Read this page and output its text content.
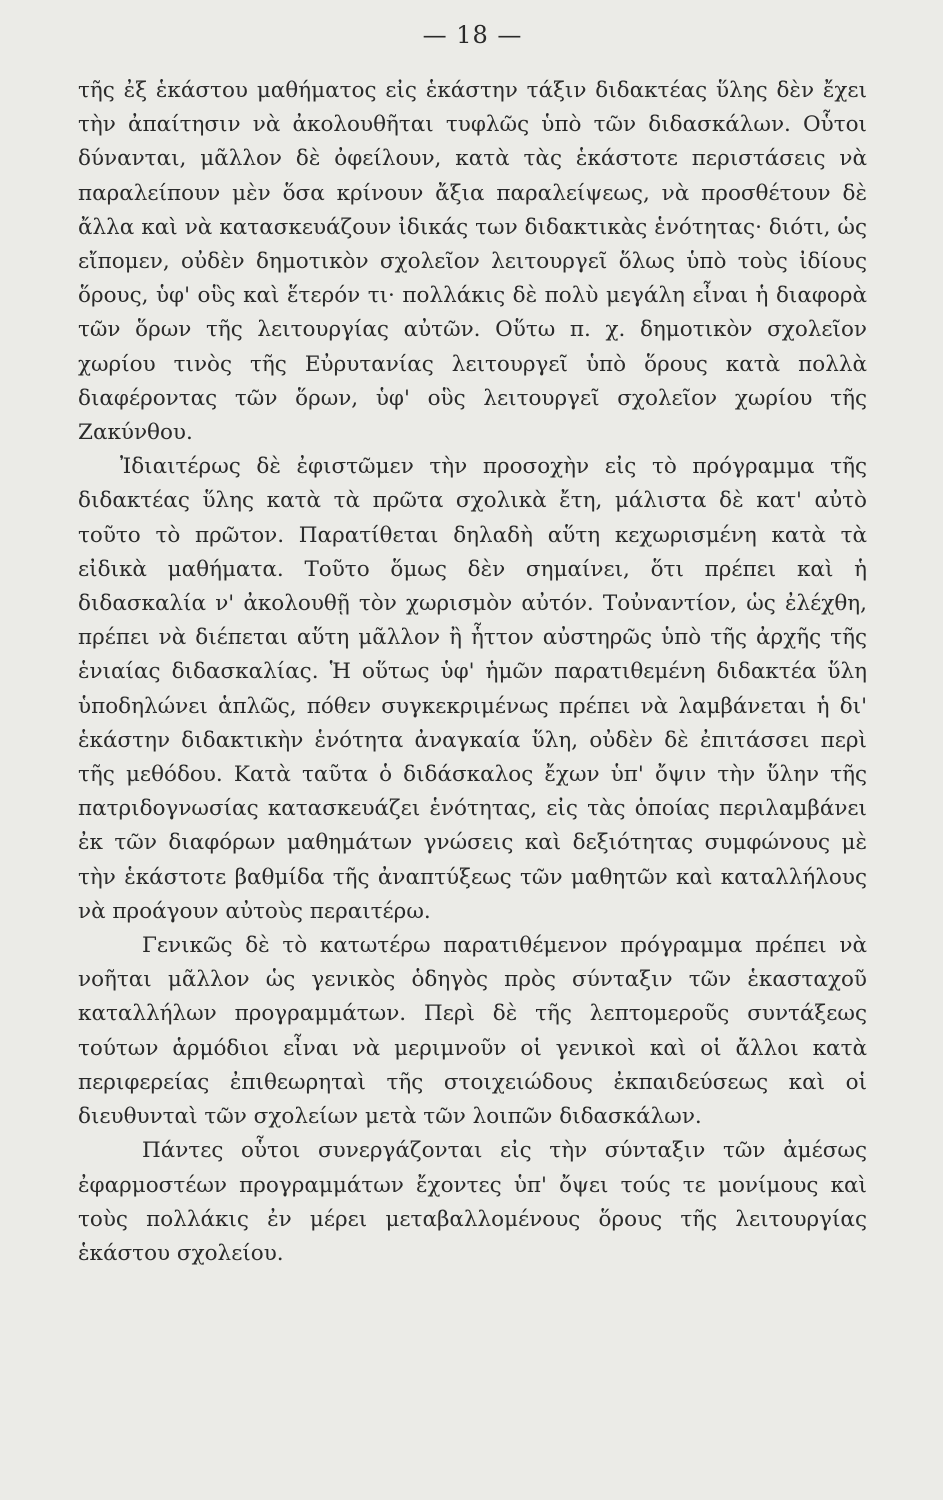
— 18 —

τῆς ἐξ ἑκάστου μαθήματος εἰς ἑκάστην τάξιν διδακτέας ὕλης δὲν ἔχει τὴν ἀπαίτησιν νὰ ἀκολουθῆται τυφλῶς ὑπὸ τῶν διδασκάλων. Οὗτοι δύνανται, μᾶλλον δὲ ὀφείλουν, κατὰ τὰς ἑκάστοτε περιστάσεις νὰ παραλείπουν μὲν ὅσα κρίνουν ἄξια παραλείψεως, νὰ προσθέτουν δὲ ἄλλα καὶ νὰ κατασκευάζουν ἰδικάς των διδακτικὰς ἑνότητας· διότι, ὡς εἴπομεν, οὐδὲν δημοτικὸν σχολεῖον λειτουργεῖ ὅλως ὑπὸ τοὺς ἰδίους ὅρους, ὑφ' οὓς καὶ ἕτερόν τι· πολλάκις δὲ πολὺ μεγάλη εἶναι ἡ διαφορὰ τῶν ὅρων τῆς λειτουργίας αὐτῶν. Οὕτω π. χ. δημοτικὸν σχολεῖον χωρίου τινὸς τῆς Εὐρυτανίας λειτουργεῖ ὑπὸ ὅρους κατὰ πολλὰ διαφέροντας τῶν ὅρων, ὑφ' οὓς λειτουργεῖ σχολεῖον χωρίου τῆς Ζακύνθου.

Ἰδιαιτέρως δὲ ἐφιστῶμεν τὴν προσοχὴν εἰς τὸ πρόγραμμα τῆς διδακτέας ὕλης κατὰ τὰ πρῶτα σχολικὰ ἔτη, μάλιστα δὲ κατ' αὐτὸ τοῦτο τὸ πρῶτον. Παρατίθεται δηλαδὴ αὕτη κεχωρισμένη κατὰ τὰ εἰδικὰ μαθήματα. Τοῦτο ὅμως δὲν σημαίνει, ὅτι πρέπει καὶ ἡ διδασκαλία ν' ἀκολουθῇ τὸν χωρισμὸν αὐτόν. Τοὐναντίον, ὡς ἐλέχθη, πρέπει νὰ διέπεται αὕτη μᾶλλον ἢ ἧττον αὐστηρῶς ὑπὸ τῆς ἀρχῆς τῆς ἑνιαίας διδασκαλίας. Ἡ οὕτως ὑφ' ἡμῶν παρατιθεμένη διδακτέα ὕλη ὑποδηλώνει ἁπλῶς, πόθεν συγκεκριμένως πρέπει νὰ λαμβάνεται ἡ δι' ἑκάστην διδακτικὴν ἑνότητα ἀναγκαία ὕλη, οὐδὲν δὲ ἐπιτάσσει περὶ τῆς μεθόδου. Κατὰ ταῦτα ὁ διδάσκαλος ἔχων ὑπ' ὄψιν τὴν ὕλην τῆς πατριδογνωσίας κατασκευάζει ἑνότητας, εἰς τὰς ὁποίας περιλαμβάνει ἐκ τῶν διαφόρων μαθημάτων γνώσεις καὶ δεξιότητας συμφώνους μὲ τὴν ἑκάστοτε βαθμίδα τῆς ἀναπτύξεως τῶν μαθητῶν καὶ καταλλήλους νὰ προάγουν αὐτοὺς περαιτέρω.

Γενικῶς δὲ τὸ κατωτέρω παρατιθέμενον πρόγραμμα πρέπει νὰ νοῆται μᾶλλον ὡς γενικὸς ὁδηγὸς πρὸς σύνταξιν τῶν ἑκασταχοῦ καταλλήλων προγραμμάτων. Περὶ δὲ τῆς λεπτομεροῦς συντάξεως τούτων ἁρμόδιοι εἶναι νὰ μεριμνοῦν οἱ γενικοὶ καὶ οἱ ἄλλοι κατὰ περιφερείας ἐπιθεωρηταὶ τῆς στοιχειώδους ἐκπαιδεύσεως καὶ οἱ διευθυνταὶ τῶν σχολείων μετὰ τῶν λοιπῶν διδασκάλων.

Πάντες οὗτοι συνεργάζονται εἰς τὴν σύνταξιν τῶν ἀμέσως ἐφαρμοστέων προγραμμάτων ἔχοντες ὑπ' ὄψει τούς τε μονίμους καὶ τοὺς πολλάκις ἐν μέρει μεταβαλλομένους ὅρους τῆς λειτουργίας ἑκάστου σχολείου.
